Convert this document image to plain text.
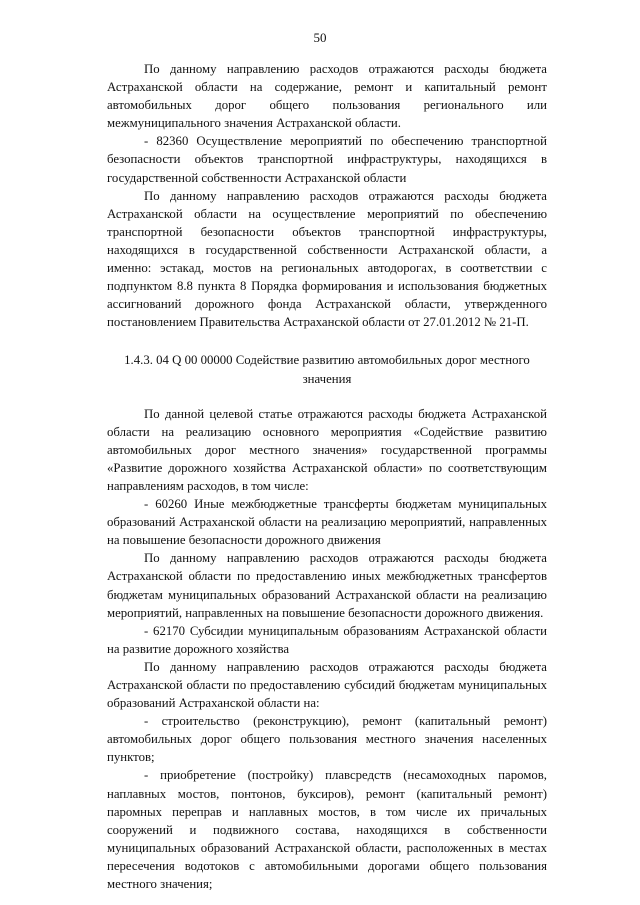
50

По данному направлению расходов отражаются расходы бюджета Астраханской области на содержание, ремонт и капитальный ремонт автомобильных дорог общего пользования регионального или межмуниципального значения Астраханской области.

- 82360 Осуществление мероприятий по обеспечению транспортной безопасности объектов транспортной инфраструктуры, находящихся в государственной собственности Астраханской области

По данному направлению расходов отражаются расходы бюджета Астраханской области на осуществление мероприятий по обеспечению транспортной безопасности объектов транспортной инфраструктуры, находящихся в государственной собственности Астраханской области, а именно: эстакад, мостов на региональных автодорогах, в соответствии с подпунктом 8.8 пункта 8 Порядка формирования и использования бюджетных ассигнований дорожного фонда Астраханской области, утвержденного постановлением Правительства Астраханской области от 27.01.2012 № 21-П.

1.4.3. 04 Q 00 00000 Содействие развитию автомобильных дорог местного значения

По данной целевой статье отражаются расходы бюджета Астраханской области на реализацию основного мероприятия «Содействие развитию автомобильных дорог местного значения» государственной программы «Развитие дорожного хозяйства Астраханской области» по соответствующим направлениям расходов, в том числе:

- 60260 Иные межбюджетные трансферты бюджетам муниципальных образований Астраханской области на реализацию мероприятий, направленных на повышение безопасности дорожного движения

По данному направлению расходов отражаются расходы бюджета Астраханской области по предоставлению иных межбюджетных трансфертов бюджетам муниципальных образований Астраханской области на реализацию мероприятий, направленных на повышение безопасности дорожного движения.

- 62170 Субсидии муниципальным образованиям Астраханской области на развитие дорожного хозяйства

По данному направлению расходов отражаются расходы бюджета Астраханской области по предоставлению субсидий бюджетам муниципальных образований Астраханской области на:

- строительство (реконструкцию), ремонт (капитальный ремонт) автомобильных дорог общего пользования местного значения населенных пунктов;

- приобретение (постройку) плавсредств (несамоходных паромов, наплавных мостов, понтонов, буксиров), ремонт (капитальный ремонт) паромных переправ и наплавных мостов, в том числе их причальных сооружений и подвижного состава, находящихся в собственности муниципальных образований Астраханской области, расположенных в местах пересечения водотоков с автомобильными дорогами общего пользования местного значения;
